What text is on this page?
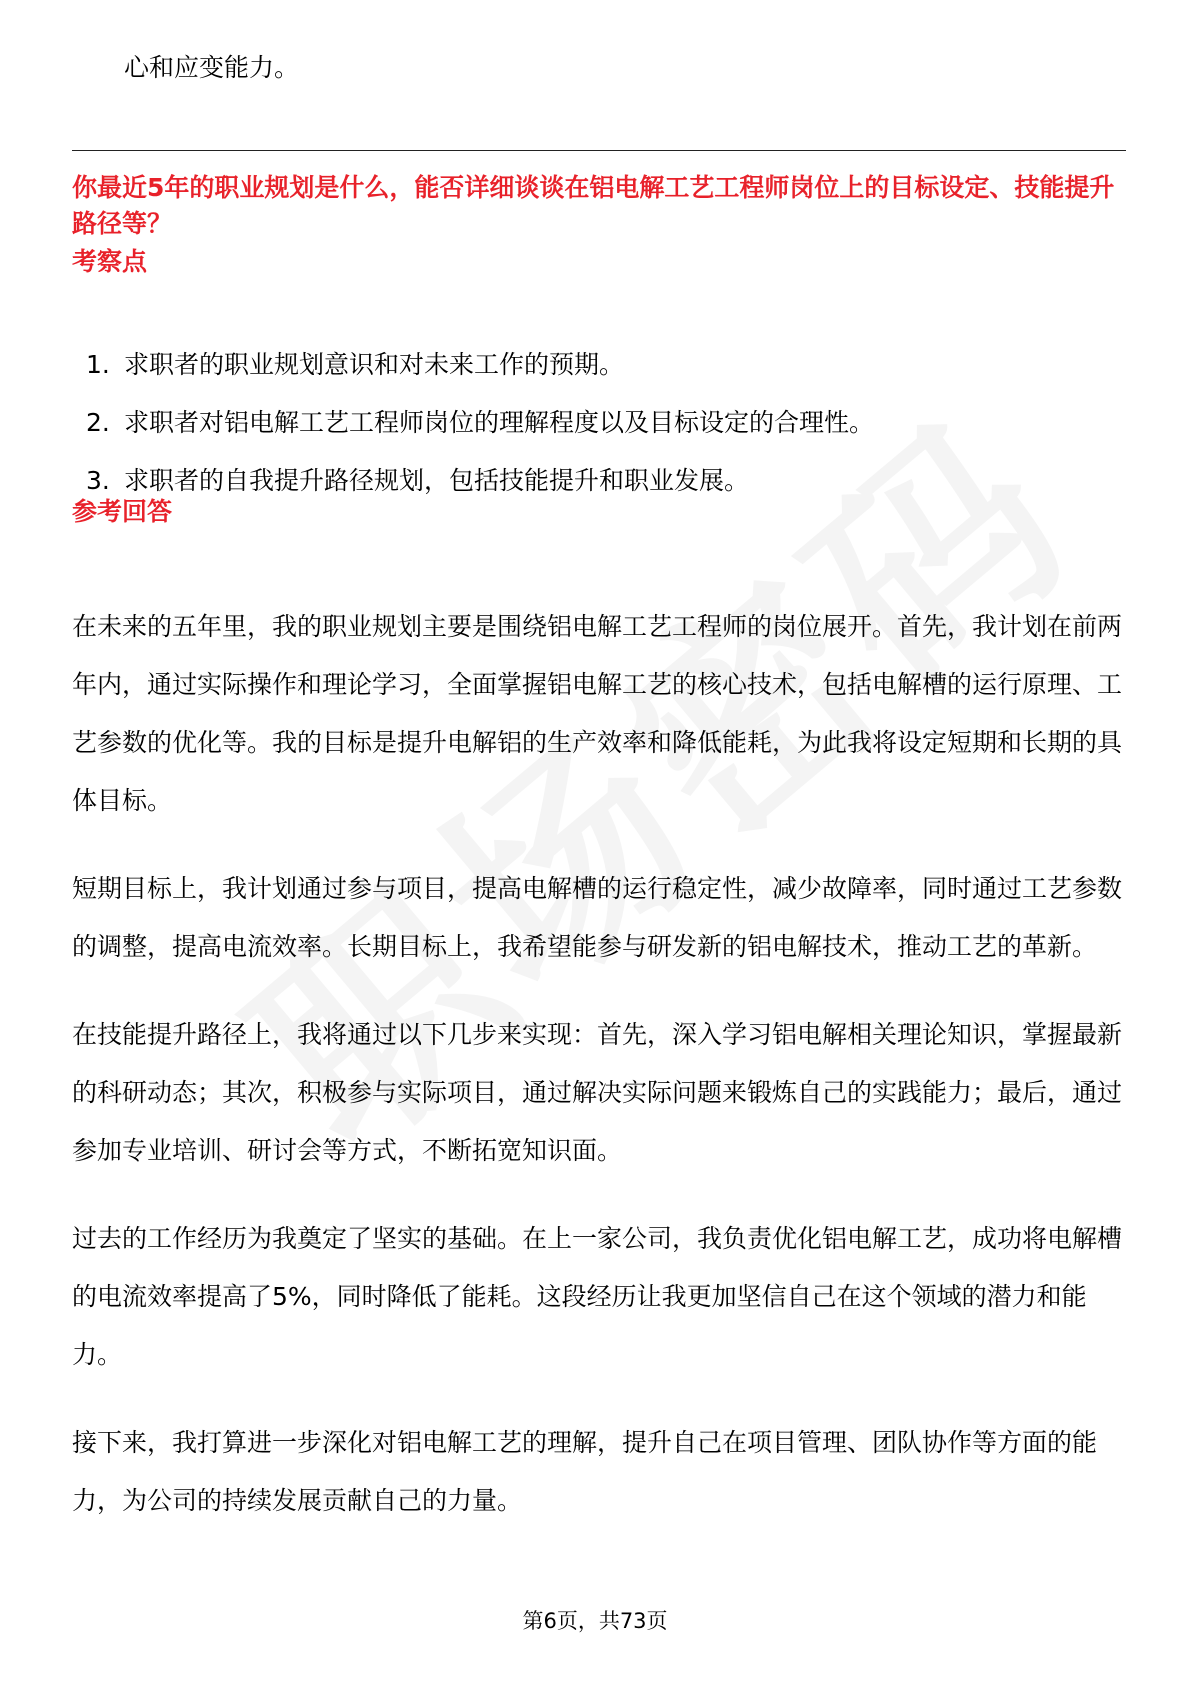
心和应变能力。
你最近5年的职业规划是什么，能否详细谈谈在铝电解工艺工程师岗位上的目标设定、技能提升路径等？
考察点
1. 求职者的职业规划意识和对未来工作的预期。
2. 求职者对铝电解工艺工程师岗位的理解程度以及目标设定的合理性。
3. 求职者的自我提升路径规划，包括技能提升和职业发展。
参考回答

在未来的五年里，我的职业规划主要是围绕铝电解工艺工程师的岗位展开。首先，我计划在前两年内，通过实际操作和理论学习，全面掌握铝电解工艺的核心技术，包括电解槽的运行原理、工艺参数的优化等。我的目标是提升电解铝的生产效率和降低能耗，为此我将设定短期和长期的具体目标。

短期目标上，我计划通过参与项目，提高电解槽的运行稳定性，减少故障率，同时通过工艺参数的调整，提高电流效率。长期目标上，我希望能参与研发新的铝电解技术，推动工艺的革新。

在技能提升路径上，我将通过以下几步来实现：首先，深入学习铝电解相关理论知识，掌握最新的科研动态；其次，积极参与实际项目，通过解决实际问题来锻炼自己的实践能力；最后，通过参加专业培训、研讨会等方式，不断拓宽知识面。

过去的工作经历为我奠定了坚实的基础。在上一家公司，我负责优化铝电解工艺，成功将电解槽的电流效率提高了5%，同时降低了能耗。这段经历让我更加坚信自己在这个领域的潜力和能力。

接下来，我打算进一步深化对铝电解工艺的理解，提升自己在项目管理、团队协作等方面的能力，为公司的持续发展贡献自己的力量。

第6页，共73页
